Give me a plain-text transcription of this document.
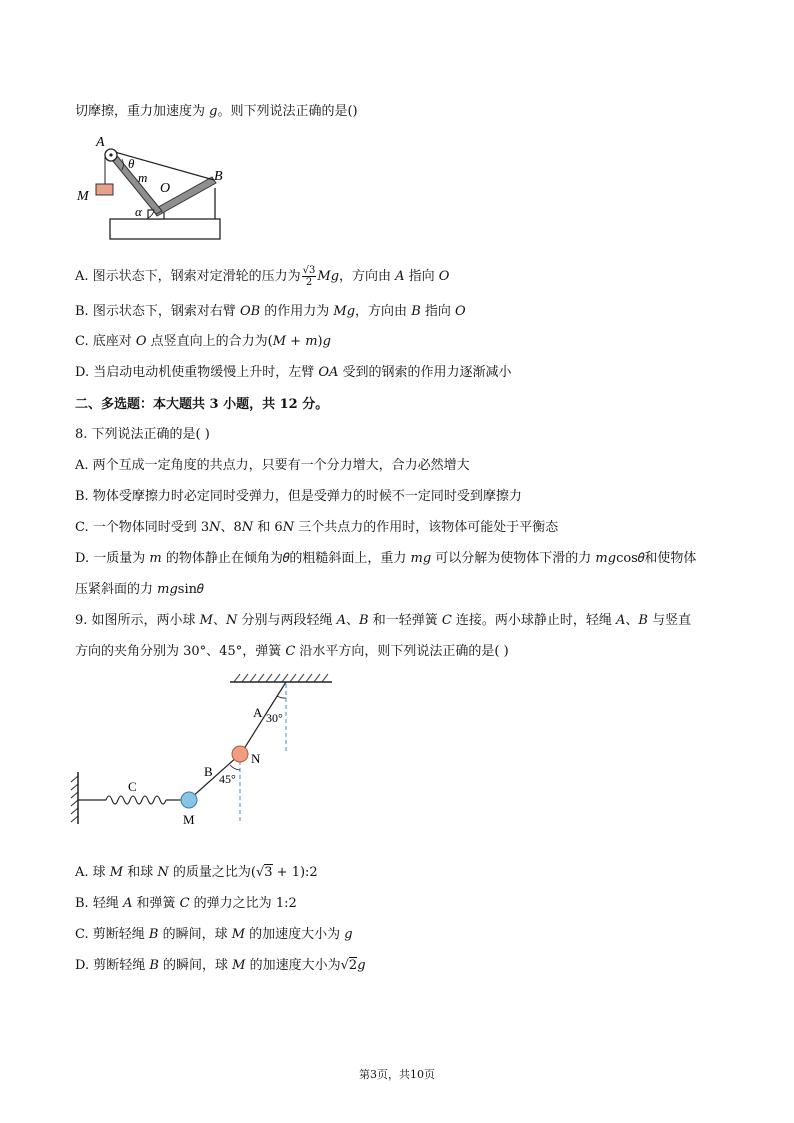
切摩擦，重力加速度为 𝑔。则下列说法正确的是()
A
B
M
m
O
θ
α
A. 图示状态下，钢索对定滑轮的压力为 $\frac{√3}{2}$ 𝑀𝑔，方向由 𝐴 指向 𝑂
B. 图示状态下，钢索对右臂 𝑂𝐵 的作用力为 𝑀𝑔，方向由 𝐵 指向 𝑂
C. 底座对 𝑂 点竖直向上的合力为(𝑀 + 𝑚)𝑔
D. 当启动电动机使重物缓慢上升时，左臂 𝑂𝐴 受到的钢索的作用力逐渐减小
二、多选题：本大题共 3 小题，共 12 分。
8. 下列说法正确的是( )
A. 两个互成一定角度的共点力，只要有一个分力增大，合力必然增大
B. 物体受摩擦力时必定同时受弹力，但是受弹力的时候不一定同时受到摩擦力
C. 一个物体同时受到 3𝑁、8𝑁 和 6𝑁 三个共点力的作用时，该物体可能处于平衡态
D. 一质量为 𝑚 的物体静止在倾角为𝜃的粗糙斜面上，重力 𝑚𝑔 可以分解为使物体下滑的力 𝑚𝑔cos𝜃和使物体
压紧斜面的力 𝑚𝑔sin𝜃
9. 如图所示，两小球 𝑀、𝑁 分别与两段轻绳 𝐴、𝐵 和一轻弹簧 𝐶 连接。两小球静止时，轻绳 𝐴、𝐵 与竖直
方向的夹角分别为 30°、45°，弹簧 𝐶 沿水平方向，则下列说法正确的是( )
A 30°
N
B 45°
C
M
A. 球 𝑀 和球 𝑁 的质量之比为(√3 + 1):2
B. 轻绳 𝐴 和弹簧 𝐶 的弹力之比为 1:2
C. 剪断轻绳 𝐵 的瞬间，球 𝑀 的加速度大小为 𝑔
D. 剪断轻绳 𝐵 的瞬间，球 𝑀 的加速度大小为√2𝑔
第3页，共10页
